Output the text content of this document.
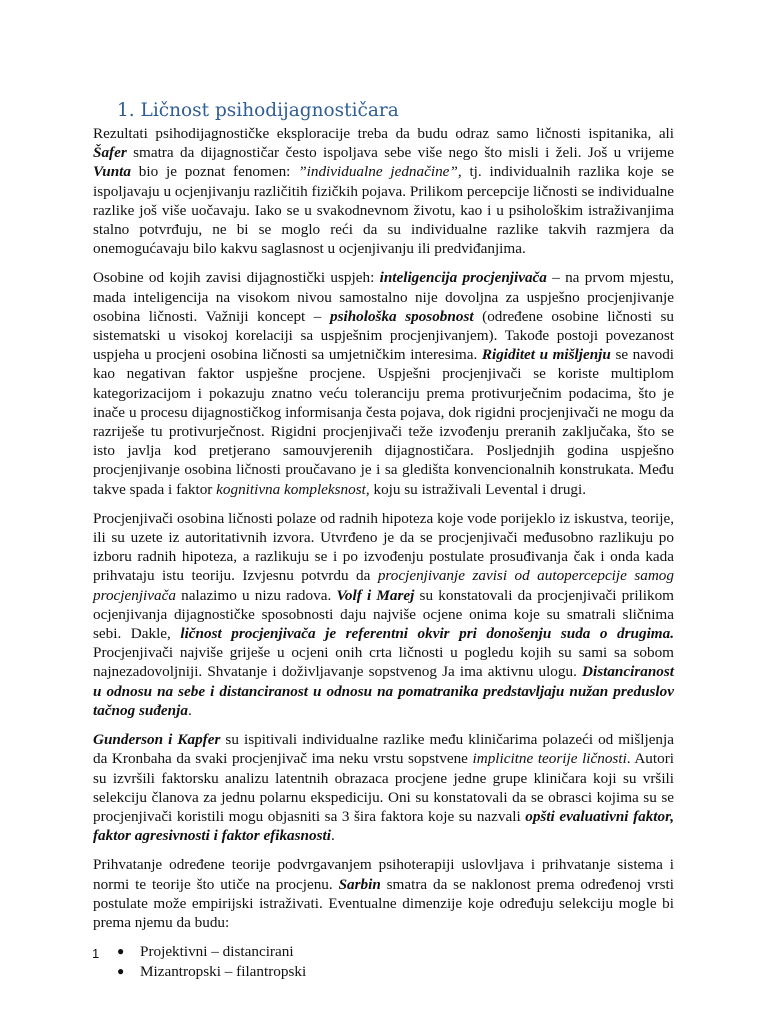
1. Ličnost psihodijagnostičara

Rezultati psihodijagnostičke eksploracije treba da budu odraz samo ličnosti ispitanika, ali Šafer smatra da dijagnostičar često ispoljava sebe više nego što misli i želi. Još u vrijeme Vunta bio je poznat fenomen: ”individualne jednačine”, tj. individualnih razlika koje se ispoljavaju u ocjenjivanju različitih fizičkih pojava. Prilikom percepcije ličnosti se individualne razlike još više uočavaju. Iako se u svakodnevnom životu, kao i u psihološkim istraživanjima stalno potvrđuju, ne bi se moglo reći da su individualne razlike takvih razmjera da onemogućavaju bilo kakvu saglasnost u ocjenjivanju ili predviđanjima.

Osobine od kojih zavisi dijagnostički uspjeh: inteligencija procjenjivača – na prvom mjestu, mada inteligencija na visokom nivou samostalno nije dovoljna za uspješno procjenjivanje osobina ličnosti. Važniji koncept – psihološka sposobnost (određene osobine ličnosti su sistematski u visokoj korelaciji sa uspješnim procjenjivanjem). Takođe postoji povezanost uspjeha u procjeni osobina ličnosti sa umjetničkim interesima. Rigiditet u mišljenju se navodi kao negativan faktor uspješne procjene. Uspješni procjenjivači se koriste multiplom kategorizacijom i pokazuju znatno veću toleranciju prema protivurječnim podacima, što je inače u procesu dijagnostičkog informisanja česta pojava, dok rigidni procjenjivači ne mogu da razriješe tu protivurječnost. Rigidni procjenjivači teže izvođenju preranih zaključaka, što se isto javlja kod pretjerano samouvjerenih dijagnostičara. Posljednjih godina uspješno procjenjivanje osobina ličnosti proučavano je i sa gledišta konvencionalnih konstrukata. Među takve spada i faktor kognitivna kompleksnost, koju su istraživali Levental i drugi.

Procjenjivači osobina ličnosti polaze od radnih hipoteza koje vode porijeklo iz iskustva, teorije, ili su uzete iz autoritativnih izvora. Utvrđeno je da se procjenjivači međusobno razlikuju po izboru radnih hipoteza, a razlikuju se i po izvođenju postulate prosuđivanja čak i onda kada prihvataju istu teoriju. Izvjesnu potvrdu da procjenjivanje zavisi od autopercepcije samog procjenjivača nalazimo u nizu radova. Volf i Marej su konstatovali da procjenjivači prilikom ocjenjivanja dijagnostičke sposobnosti daju najviše ocjene onima koje su smatrali sličnima sebi. Dakle, ličnost procjenjivača je referentni okvir pri donošenju suda o drugima. Procjenjivači najviše griješe u ocjeni onih crta ličnosti u pogledu kojih su sami sa sobom najnezadovoljniji. Shvatanje i doživljavanje sopstvenog Ja ima aktivnu ulogu. Distanciranost u odnosu na sebe i distanciranost u odnosu na pomatranika predstavljaju nužan preduslov tačnog suđenja.

Gunderson i Kapfer su ispitivali individualne razlike među kliničarima polazeći od mišljenja da Kronbaha da svaki procjenjivač ima neku vrstu sopstvene implicitne teorije ličnosti. Autori su izvršili faktorsku analizu latentnih obrazaca procjene jedne grupe kliničara koji su vršili selekciju članova za jednu polarnu ekspediciju. Oni su konstatovali da se obrasci kojima su se procjenjivači koristili mogu objasniti sa 3 šira faktora koje su nazvali opšti evaluativni faktor, faktor agresivnosti i faktor efikasnosti.

Prihvatanje određene teorije podvrgavanjem psihoterapiji uslovljava i prihvatanje sistema i normi te teorije što utiče na procjenu. Sarbin smatra da se naklonost prema određenoj vrsti postulate može empirijski istraživati. Eventualne dimenzije koje određuju selekciju mogle bi prema njemu da budu:

● Projektivni – distancirani
● Mizantropski – filantropski
1
